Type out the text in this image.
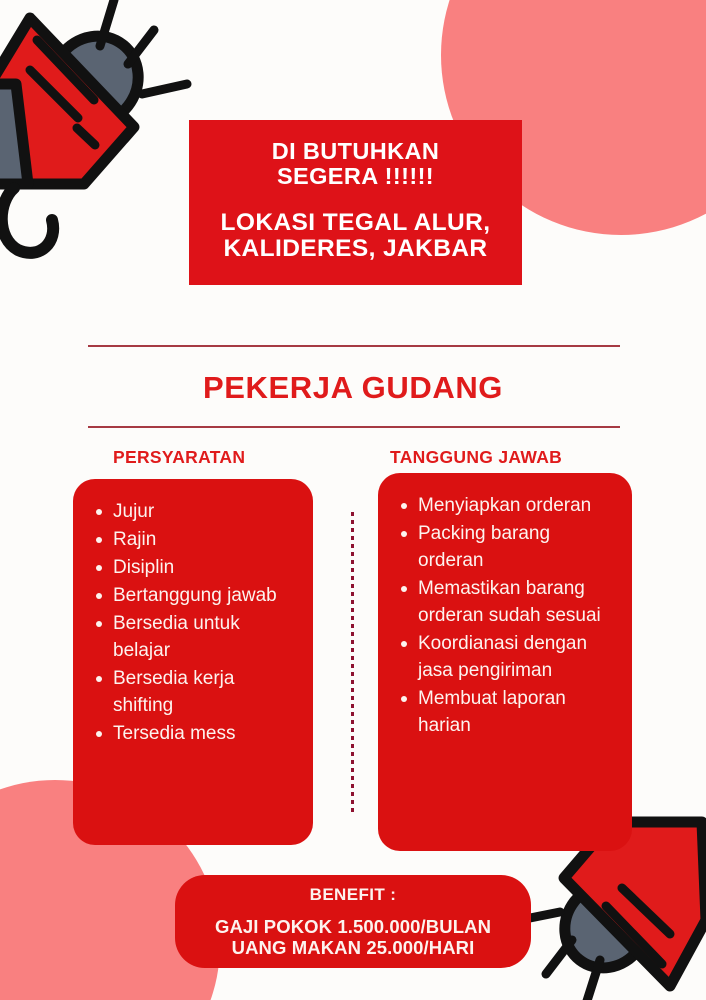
DI BUTUHKAN
SEGERA !!!!!!
LOKASI TEGAL ALUR,
KALIDERES, JAKBAR
PEKERJA GUDANG
PERSYARATAN	TANGGUNG JAWAB
Jujur
Rajin
Disiplin
Bertanggung jawab
Bersedia untuk belajar
Bersedia kerja shifting
Tersedia mess
Menyiapkan orderan
Packing barang orderan
Memastikan barang orderan sudah sesuai
Koordianasi dengan jasa pengiriman
Membuat laporan harian
BENEFIT :
GAJI POKOK 1.500.000/BULAN
UANG MAKAN 25.000/HARI
